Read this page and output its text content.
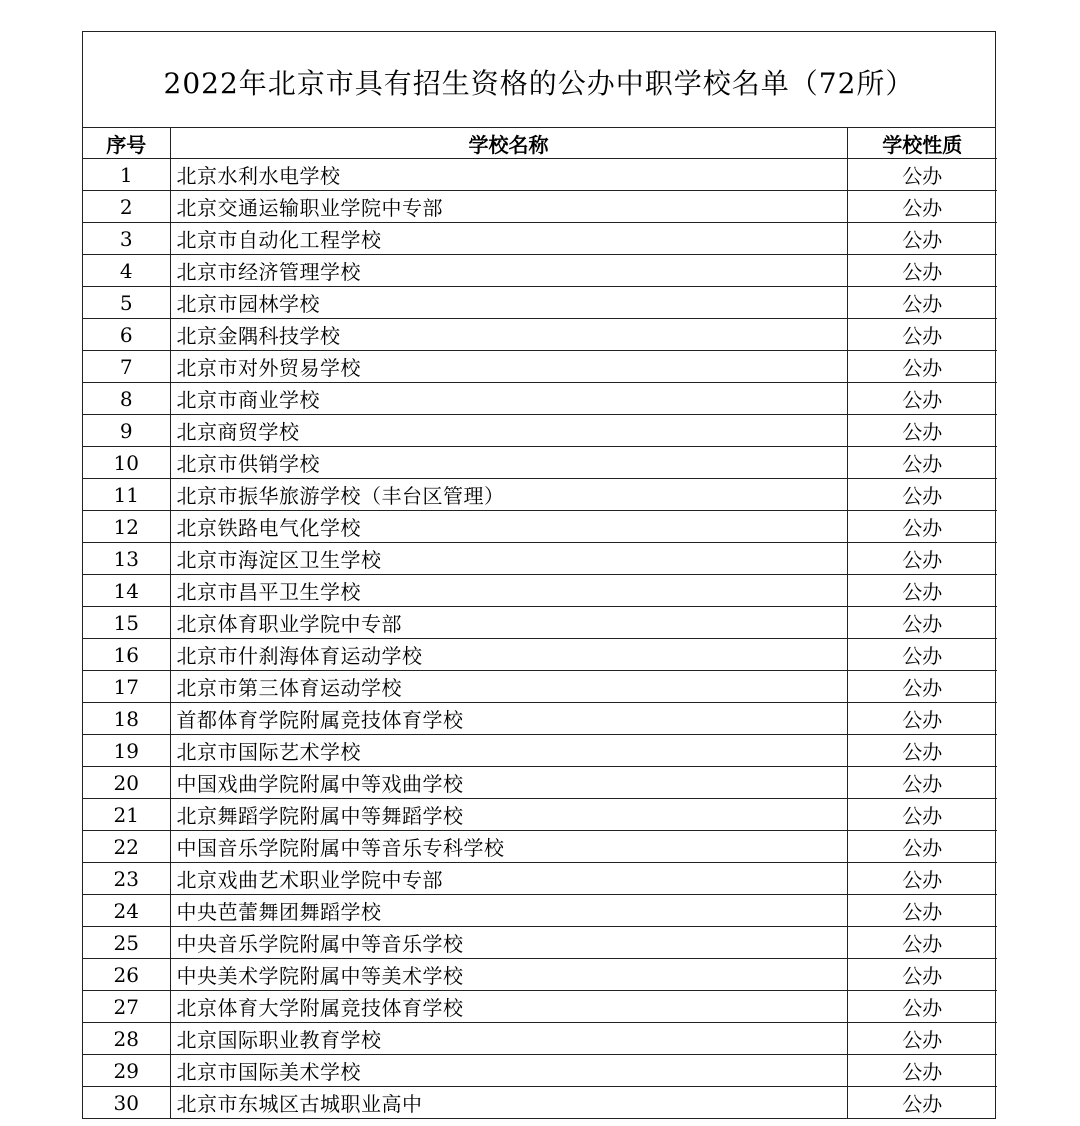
2022年北京市具有招生资格的公办中职学校名单（72所）
序号	学校名称	学校性质
1	北京水利水电学校	公办
2	北京交通运输职业学院中专部	公办
3	北京市自动化工程学校	公办
4	北京市经济管理学校	公办
5	北京市园林学校	公办
6	北京金隅科技学校	公办
7	北京市对外贸易学校	公办
8	北京市商业学校	公办
9	北京商贸学校	公办
10	北京市供销学校	公办
11	北京市振华旅游学校（丰台区管理）	公办
12	北京铁路电气化学校	公办
13	北京市海淀区卫生学校	公办
14	北京市昌平卫生学校	公办
15	北京体育职业学院中专部	公办
16	北京市什刹海体育运动学校	公办
17	北京市第三体育运动学校	公办
18	首都体育学院附属竞技体育学校	公办
19	北京市国际艺术学校	公办
20	中国戏曲学院附属中等戏曲学校	公办
21	北京舞蹈学院附属中等舞蹈学校	公办
22	中国音乐学院附属中等音乐专科学校	公办
23	北京戏曲艺术职业学院中专部	公办
24	中央芭蕾舞团舞蹈学校	公办
25	中央音乐学院附属中等音乐学校	公办
26	中央美术学院附属中等美术学校	公办
27	北京体育大学附属竞技体育学校	公办
28	北京国际职业教育学校	公办
29	北京市国际美术学校	公办
30	北京市东城区古城职业高中	公办
